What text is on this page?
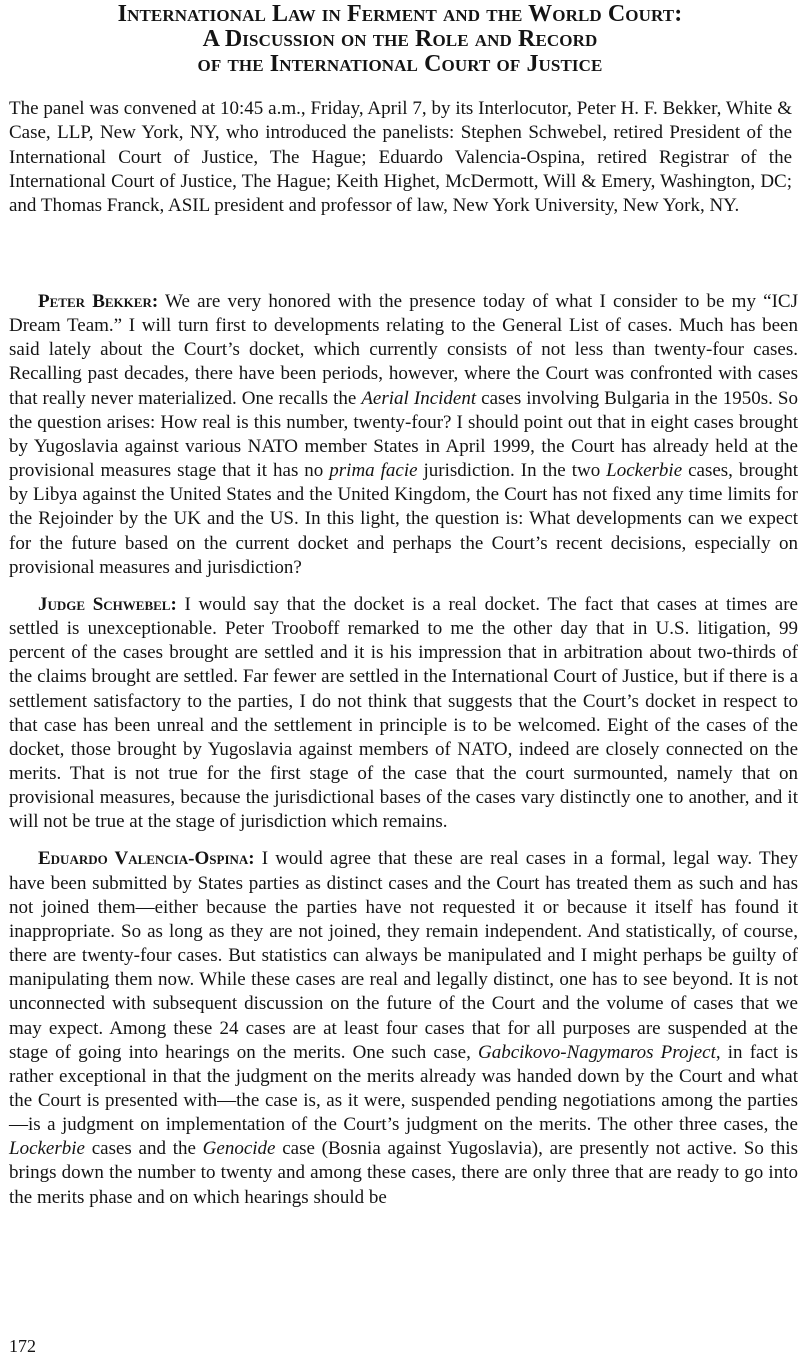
International Law in Ferment and the World Court:
A Discussion on the Role and Record
of the International Court of Justice

The panel was convened at 10:45 a.m., Friday, April 7, by its Interlocutor, Peter H. F. Bekker, White & Case, LLP, New York, NY, who introduced the panelists: Stephen Schwebel, retired President of the International Court of Justice, The Hague; Eduardo Valencia-Ospina, retired Registrar of the International Court of Justice, The Hague; Keith Highet, McDermott, Will & Emery, Washington, DC; and Thomas Franck, ASIL president and professor of law, New York University, New York, NY.

Peter Bekker: We are very honored with the presence today of what I consider to be my “ICJ Dream Team.” I will turn first to developments relating to the General List of cases. Much has been said lately about the Court’s docket, which currently consists of not less than twenty-four cases. Recalling past decades, there have been periods, however, where the Court was confronted with cases that really never materialized. One recalls the Aerial Incident cases involving Bulgaria in the 1950s. So the question arises: How real is this number, twenty-four? I should point out that in eight cases brought by Yugoslavia against various NATO member States in April 1999, the Court has already held at the provisional measures stage that it has no prima facie jurisdiction. In the two Lockerbie cases, brought by Libya against the United States and the United Kingdom, the Court has not fixed any time limits for the Rejoinder by the UK and the US. In this light, the question is: What developments can we expect for the future based on the current docket and perhaps the Court’s recent decisions, especially on provisional measures and jurisdiction?

Judge Schwebel: I would say that the docket is a real docket. The fact that cases at times are settled is unexceptionable. Peter Trooboff remarked to me the other day that in U.S. litigation, 99 percent of the cases brought are settled and it is his impression that in arbitration about two-thirds of the claims brought are settled. Far fewer are settled in the International Court of Justice, but if there is a settlement satisfactory to the parties, I do not think that suggests that the Court’s docket in respect to that case has been unreal and the settlement in principle is to be welcomed. Eight of the cases of the docket, those brought by Yugoslavia against members of NATO, indeed are closely connected on the merits. That is not true for the first stage of the case that the court surmounted, namely that on provisional measures, because the jurisdictional bases of the cases vary distinctly one to another, and it will not be true at the stage of jurisdiction which remains.

Eduardo Valencia-Ospina: I would agree that these are real cases in a formal, legal way. They have been submitted by States parties as distinct cases and the Court has treated them as such and has not joined them—either because the parties have not requested it or because it itself has found it inappropriate. So as long as they are not joined, they remain independent. And statistically, of course, there are twenty-four cases. But statistics can always be manipulated and I might perhaps be guilty of manipulating them now. While these cases are real and legally distinct, one has to see beyond. It is not unconnected with subsequent discussion on the future of the Court and the volume of cases that we may expect. Among these 24 cases are at least four cases that for all purposes are suspended at the stage of going into hearings on the merits. One such case, Gabcikovo-Nagymaros Project, in fact is rather exceptional in that the judgment on the merits already was handed down by the Court and what the Court is presented with—the case is, as it were, suspended pending negotiations among the parties—is a judgment on implementation of the Court’s judgment on the merits. The other three cases, the Lockerbie cases and the Genocide case (Bosnia against Yugoslavia), are presently not active. So this brings down the number to twenty and among these cases, there are only three that are ready to go into the merits phase and on which hearings should be

172
